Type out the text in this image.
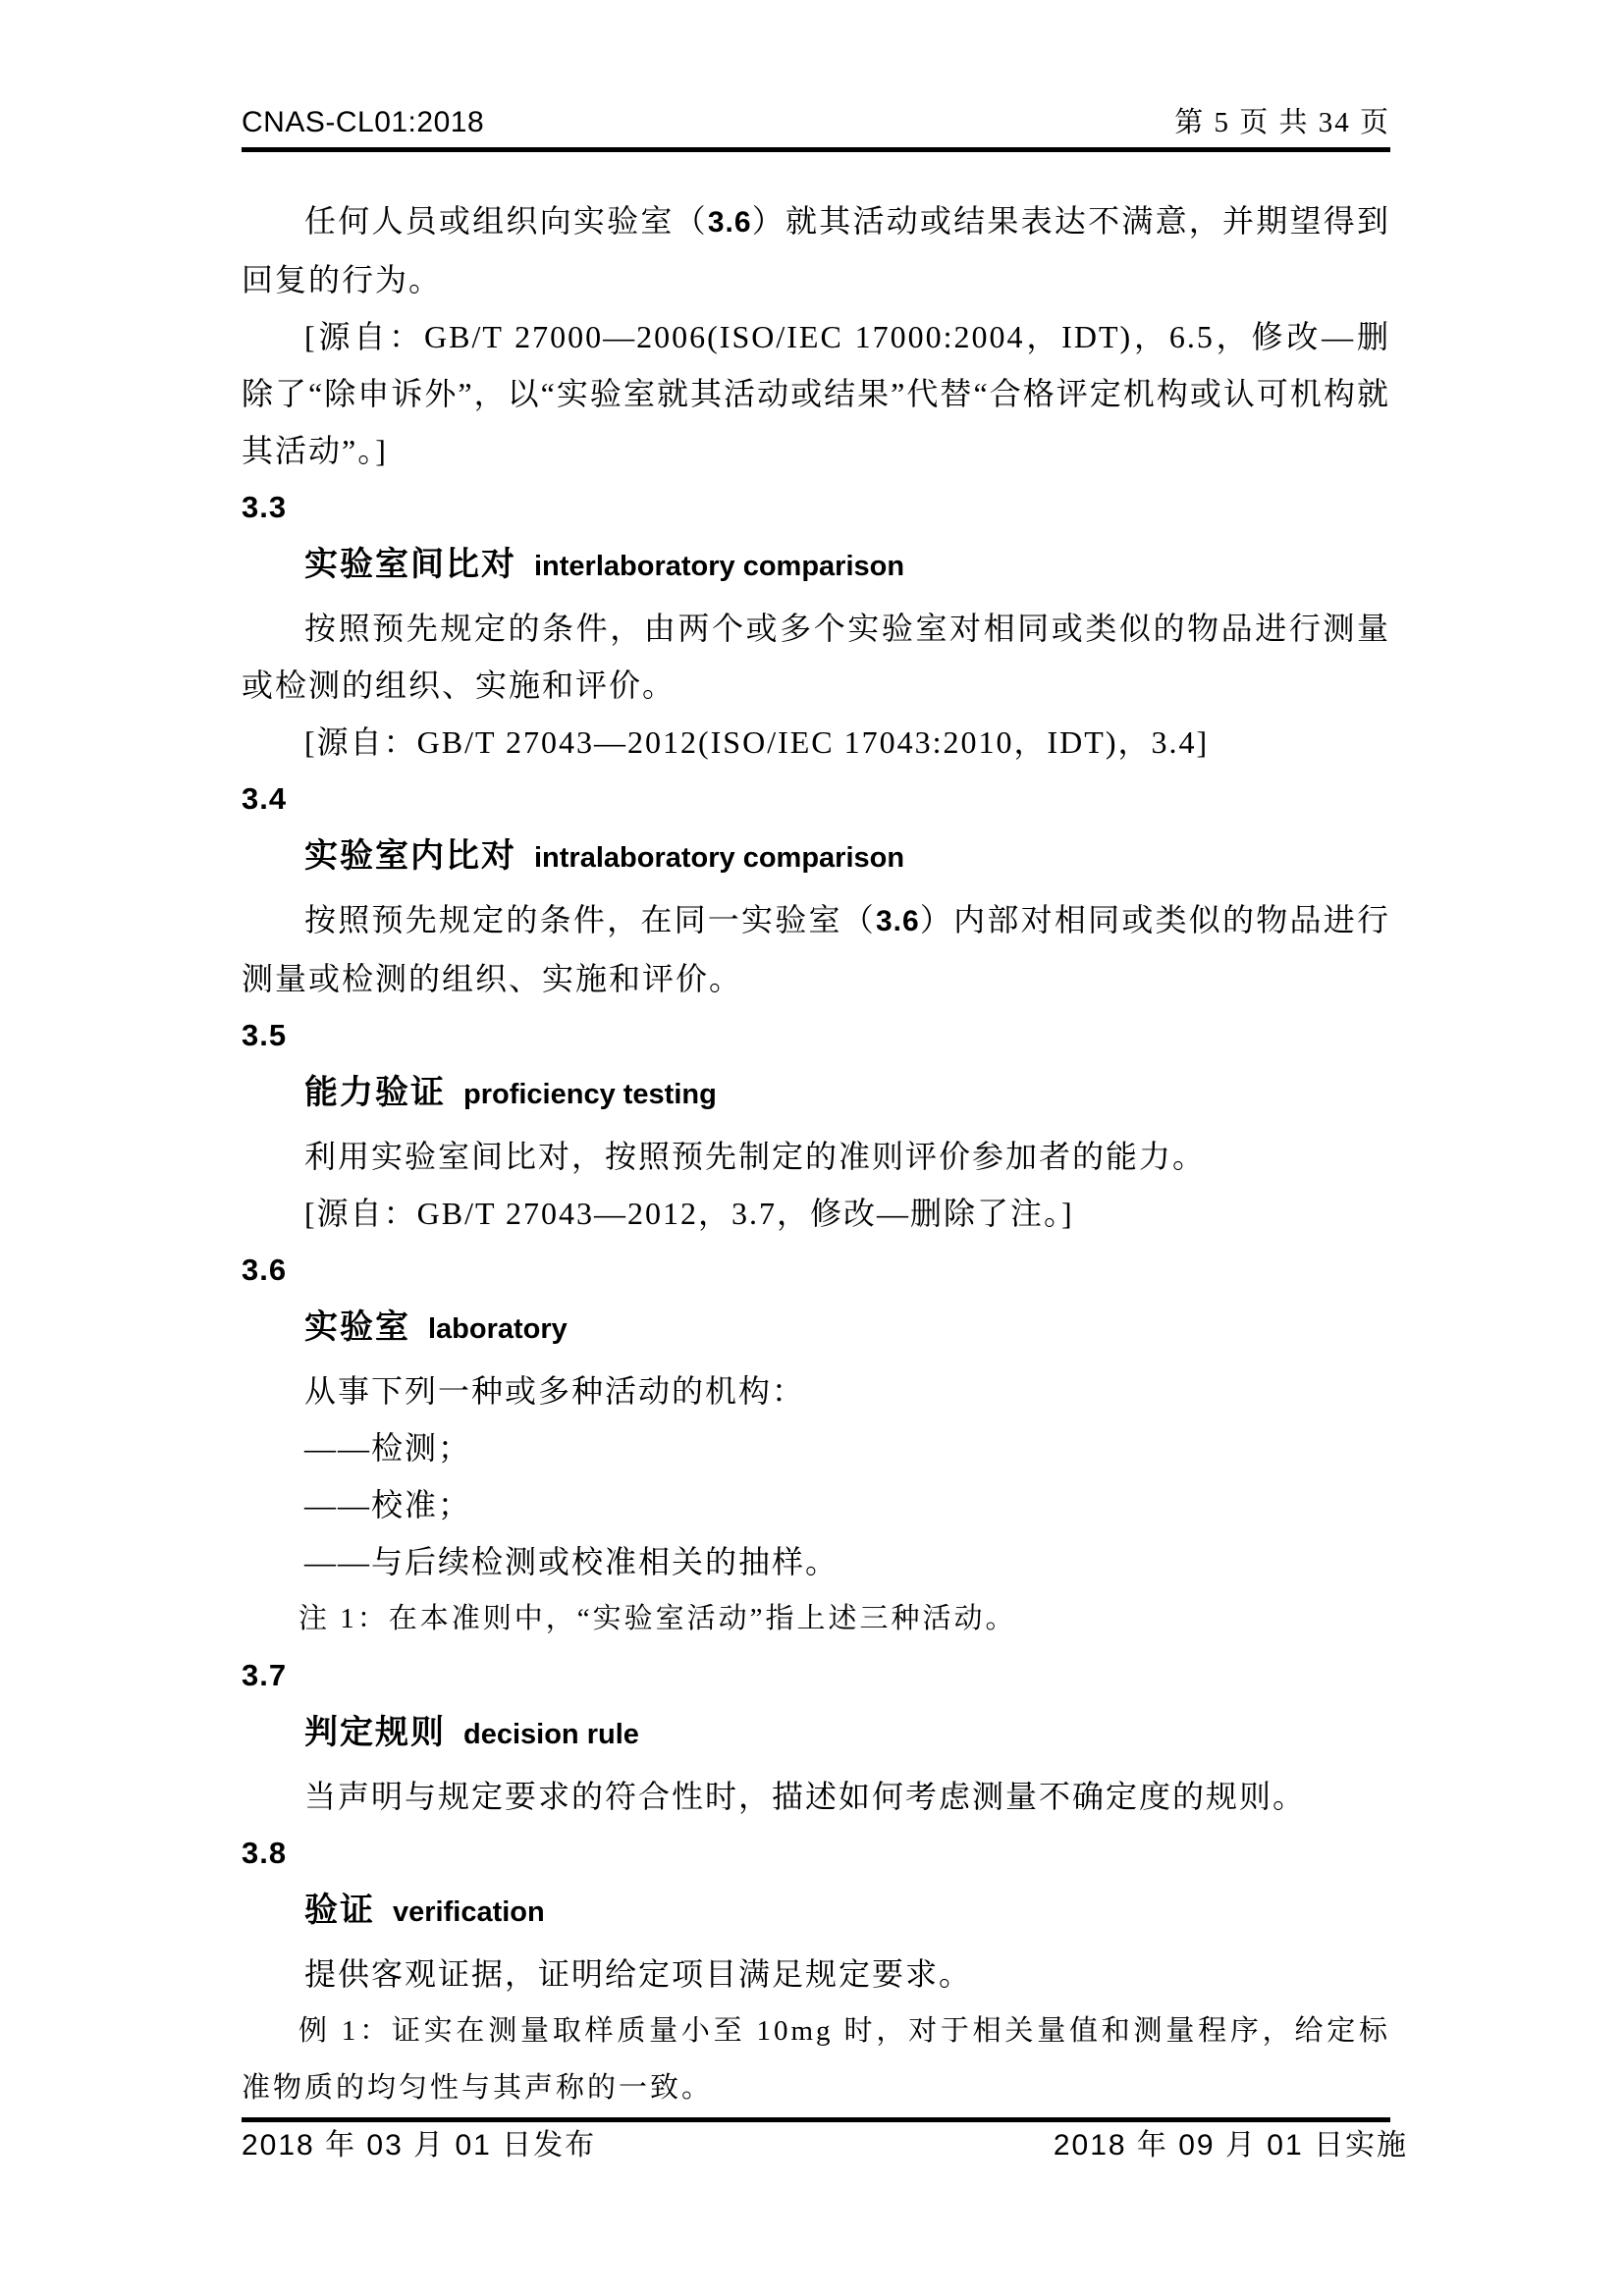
CNAS-CL01:2018	第 5 页 共 34 页

任何人员或组织向实验室（3.6）就其活动或结果表达不满意，并期望得到回复的行为。

[源自：GB/T 27000—2006(ISO/IEC 17000:2004，IDT)，6.5，修改—删除了“除申诉外”，以“实验室就其活动或结果”代替“合格评定机构或认可机构就其活动”。]

3.3

实验室间比对 interlaboratory comparison

按照预先规定的条件，由两个或多个实验室对相同或类似的物品进行测量或检测的组织、实施和评价。

[源自：GB/T 27043—2012(ISO/IEC 17043:2010，IDT)，3.4]

3.4

实验室内比对 intralaboratory comparison

按照预先规定的条件，在同一实验室（3.6）内部对相同或类似的物品进行测量或检测的组织、实施和评价。

3.5

能力验证 proficiency testing

利用实验室间比对，按照预先制定的准则评价参加者的能力。

[源自：GB/T 27043—2012，3.7，修改—删除了注。]

3.6

实验室 laboratory

从事下列一种或多种活动的机构：

——检测；

——校准；

——与后续检测或校准相关的抽样。

注 1：在本准则中，“实验室活动”指上述三种活动。

3.7

判定规则 decision rule

当声明与规定要求的符合性时，描述如何考虑测量不确定度的规则。

3.8

验证 verification

提供客观证据，证明给定项目满足规定要求。

例 1：证实在测量取样质量小至 10mg 时，对于相关量值和测量程序，给定标准物质的均匀性与其声称的一致。

2018 年 03 月 01 日发布	2018 年 09 月 01 日实施
